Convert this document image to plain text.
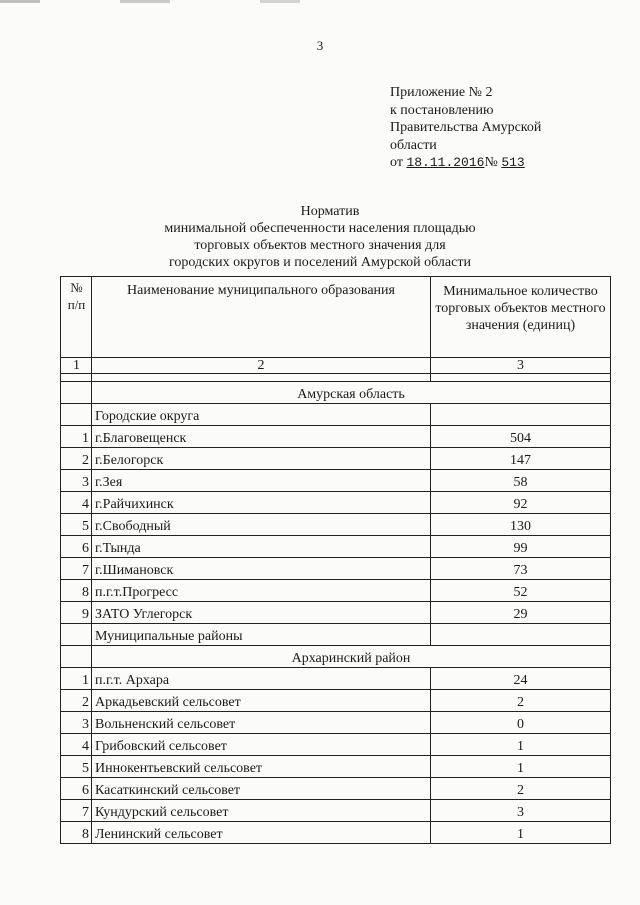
3
Приложение № 2
к постановлению
Правительства Амурской
области
от 18.11.2016№ 513
Норматив
минимальной обеспеченности населения площадью
торговых объектов местного значения для
городских округов и поселений Амурской области
№ п/п	Наименование муниципального образования	Минимальное количество торговых объектов местного значения (единиц)
1	2	3

	Амурская область	
	Городские округа	
1	г.Благовещенск	504
2	г.Белогорск	147
3	г.Зея	58
4	г.Райчихинск	92
5	г.Свободный	130
6	г.Тында	99
7	г.Шимановск	73
8	п.г.т.Прогресс	52
9	ЗАТО Углегорск	29
	Муниципальные районы	
	Архаринский район	
1	п.г.т. Архара	24
2	Аркадьевский сельсовет	2
3	Вольненский сельсовет	0
4	Грибовский сельсовет	1
5	Иннокентьевский сельсовет	1
6	Касаткинский сельсовет	2
7	Кундурский сельсовет	3
8	Ленинский сельсовет	1
